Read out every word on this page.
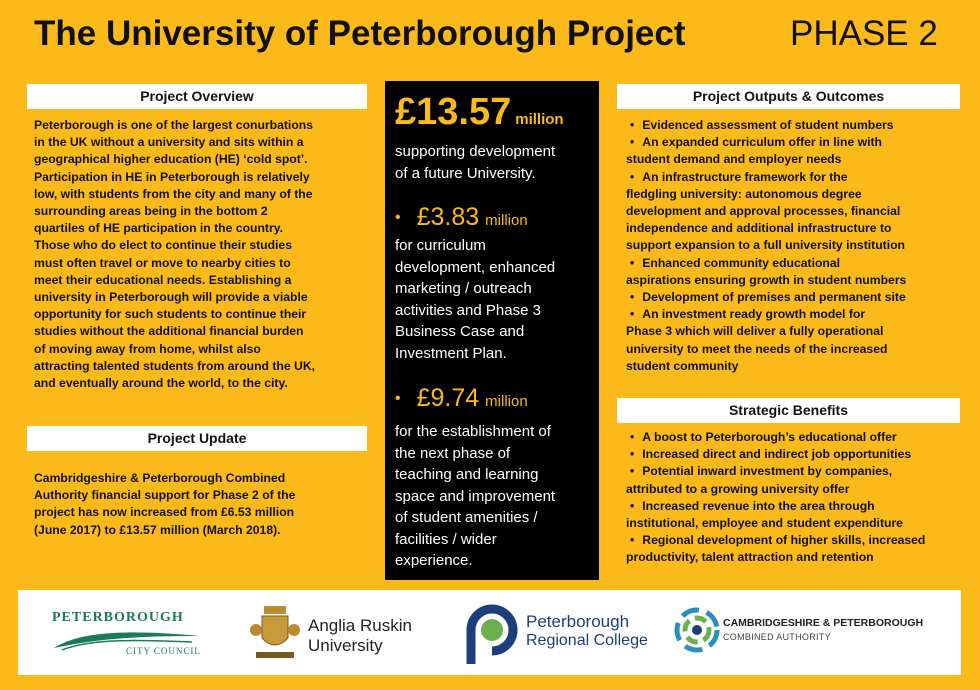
The University of Peterborough Project	PHASE 2
Project Overview
Peterborough is one of the largest conurbations
in the UK without a university and sits within a
geographical higher education (HE) ‘cold spot’.
Participation in HE in Peterborough is relatively
low, with students from the city and many of the
surrounding areas being in the bottom 2
quartiles of HE participation in the country.
Those who do elect to continue their studies
must often travel or move to nearby cities to
meet their educational needs. Establishing a
university in Peterborough will provide a viable
opportunity for such students to continue their
studies without the additional financial burden
of moving away from home, whilst also
attracting talented students from around the UK,
and eventually around the world, to the city.
Project Update
Cambridgeshire & Peterborough Combined
Authority financial support for Phase 2 of the
project has now increased from £6.53 million
(June 2017) to £13.57 million (March 2018).
£13.57 million
supporting development
of a future University.
• £3.83 million
for curriculum
development, enhanced
marketing / outreach
activities and Phase 3
Business Case and
Investment Plan.
• £9.74 million
for the establishment of
the next phase of
teaching and learning
space and improvement
of student amenities /
facilities / wider
experience.
Project Outputs & Outcomes
• Evidenced assessment of student numbers
• An expanded curriculum offer in line with
student demand and employer needs
• An infrastructure framework for the
fledgling university: autonomous degree
development and approval processes, financial
independence and additional infrastructure to
support expansion to a full university institution
• Enhanced community educational
aspirations ensuring growth in student numbers
• Development of premises and permanent site
• An investment ready growth model for
Phase 3 which will deliver a fully operational
university to meet the needs of the increased
student community
Strategic Benefits
• A boost to Peterborough’s educational offer
• Increased direct and indirect job opportunities
• Potential inward investment by companies,
attributed to a growing university offer
• Increased revenue into the area through
institutional, employee and student expenditure
• Regional development of higher skills, increased
productivity, talent attraction and retention
PETERBOROUGH
CITY COUNCIL
Anglia Ruskin
University
Peterborough
Regional College
CAMBRIDGESHIRE & PETERBOROUGH
COMBINED AUTHORITY
